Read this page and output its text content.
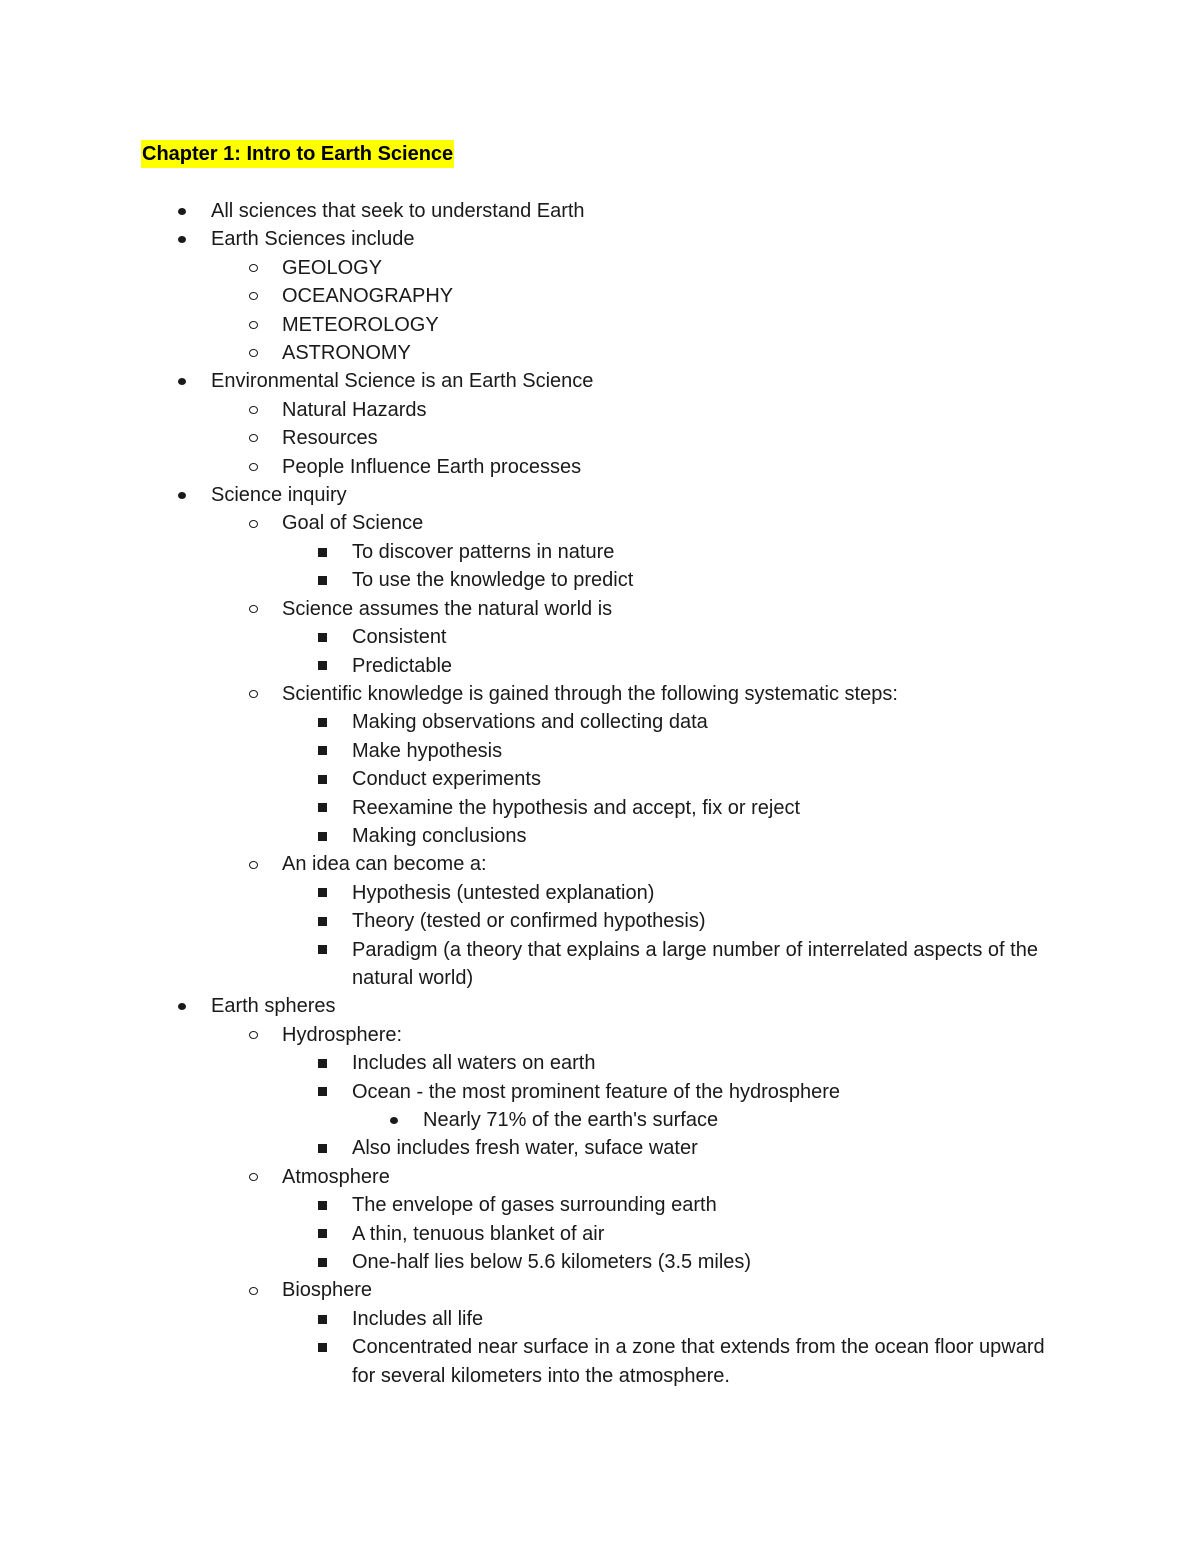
Chapter 1: Intro to Earth Science
All sciences that seek to understand Earth
Earth Sciences include
GEOLOGY
OCEANOGRAPHY
METEOROLOGY
ASTRONOMY
Environmental Science is an Earth Science
Natural Hazards
Resources
People Influence Earth processes
Science inquiry
Goal of Science
To discover patterns in nature
To use the knowledge to predict
Science assumes the natural world is
Consistent
Predictable
Scientific knowledge is gained through the following systematic steps:
Making observations and collecting data
Make hypothesis
Conduct experiments
Reexamine the hypothesis and accept, fix or reject
Making conclusions
An idea can become a:
Hypothesis (untested explanation)
Theory (tested or confirmed hypothesis)
Paradigm (a theory that explains a large number of interrelated aspects of the natural world)
Earth spheres
Hydrosphere:
Includes all waters on earth
Ocean - the most prominent feature of the hydrosphere
Nearly 71% of the earth's surface
Also includes fresh water, suface water
Atmosphere
The envelope of gases surrounding earth
A thin, tenuous blanket of air
One-half lies below 5.6 kilometers (3.5 miles)
Biosphere
Includes all life
Concentrated near surface in a zone that extends from the ocean floor upward for several kilometers into the atmosphere.
